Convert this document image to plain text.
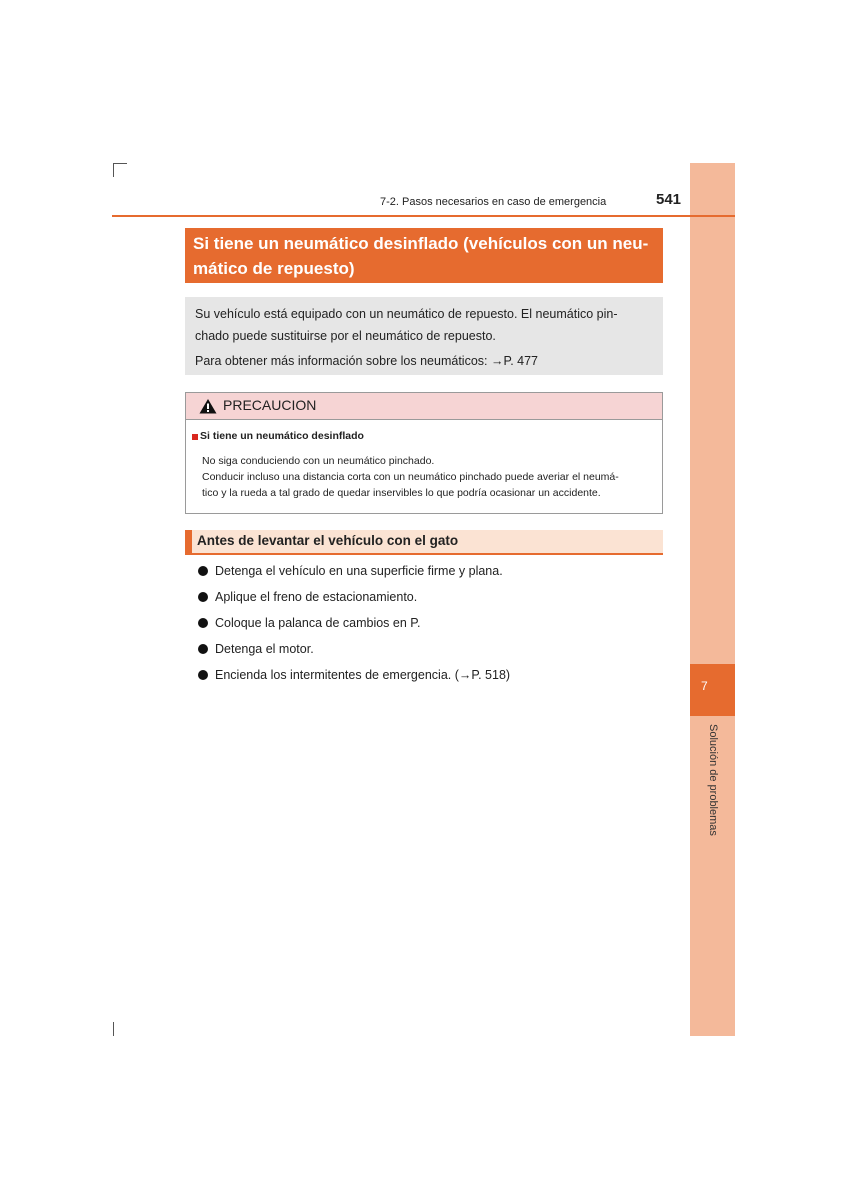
7
Solución de problemas
7-2. Pasos necesarios en caso de emergencia	541
Si tiene un neumático desinflado (vehículos con un neu-
mático de repuesto)

Su vehículo está equipado con un neumático de repuesto. El neumático pin-

chado puede sustituirse por el neumático de repuesto.

Para obtener más información sobre los neumáticos: →P. 477

PRECAUCION
Si tiene un neumático desinflado

No siga conduciendo con un neumático pinchado.

Conducir incluso una distancia corta con un neumático pinchado puede averiar el neumá-

tico y la rueda a tal grado de quedar inservibles lo que podría ocasionar un accidente.

Antes de levantar el vehículo con el gato
Detenga el vehículo en una superficie firme y plana.
Aplique el freno de estacionamiento.
Coloque la palanca de cambios en P.
Detenga el motor.
Encienda los intermitentes de emergencia. (→P. 518)
